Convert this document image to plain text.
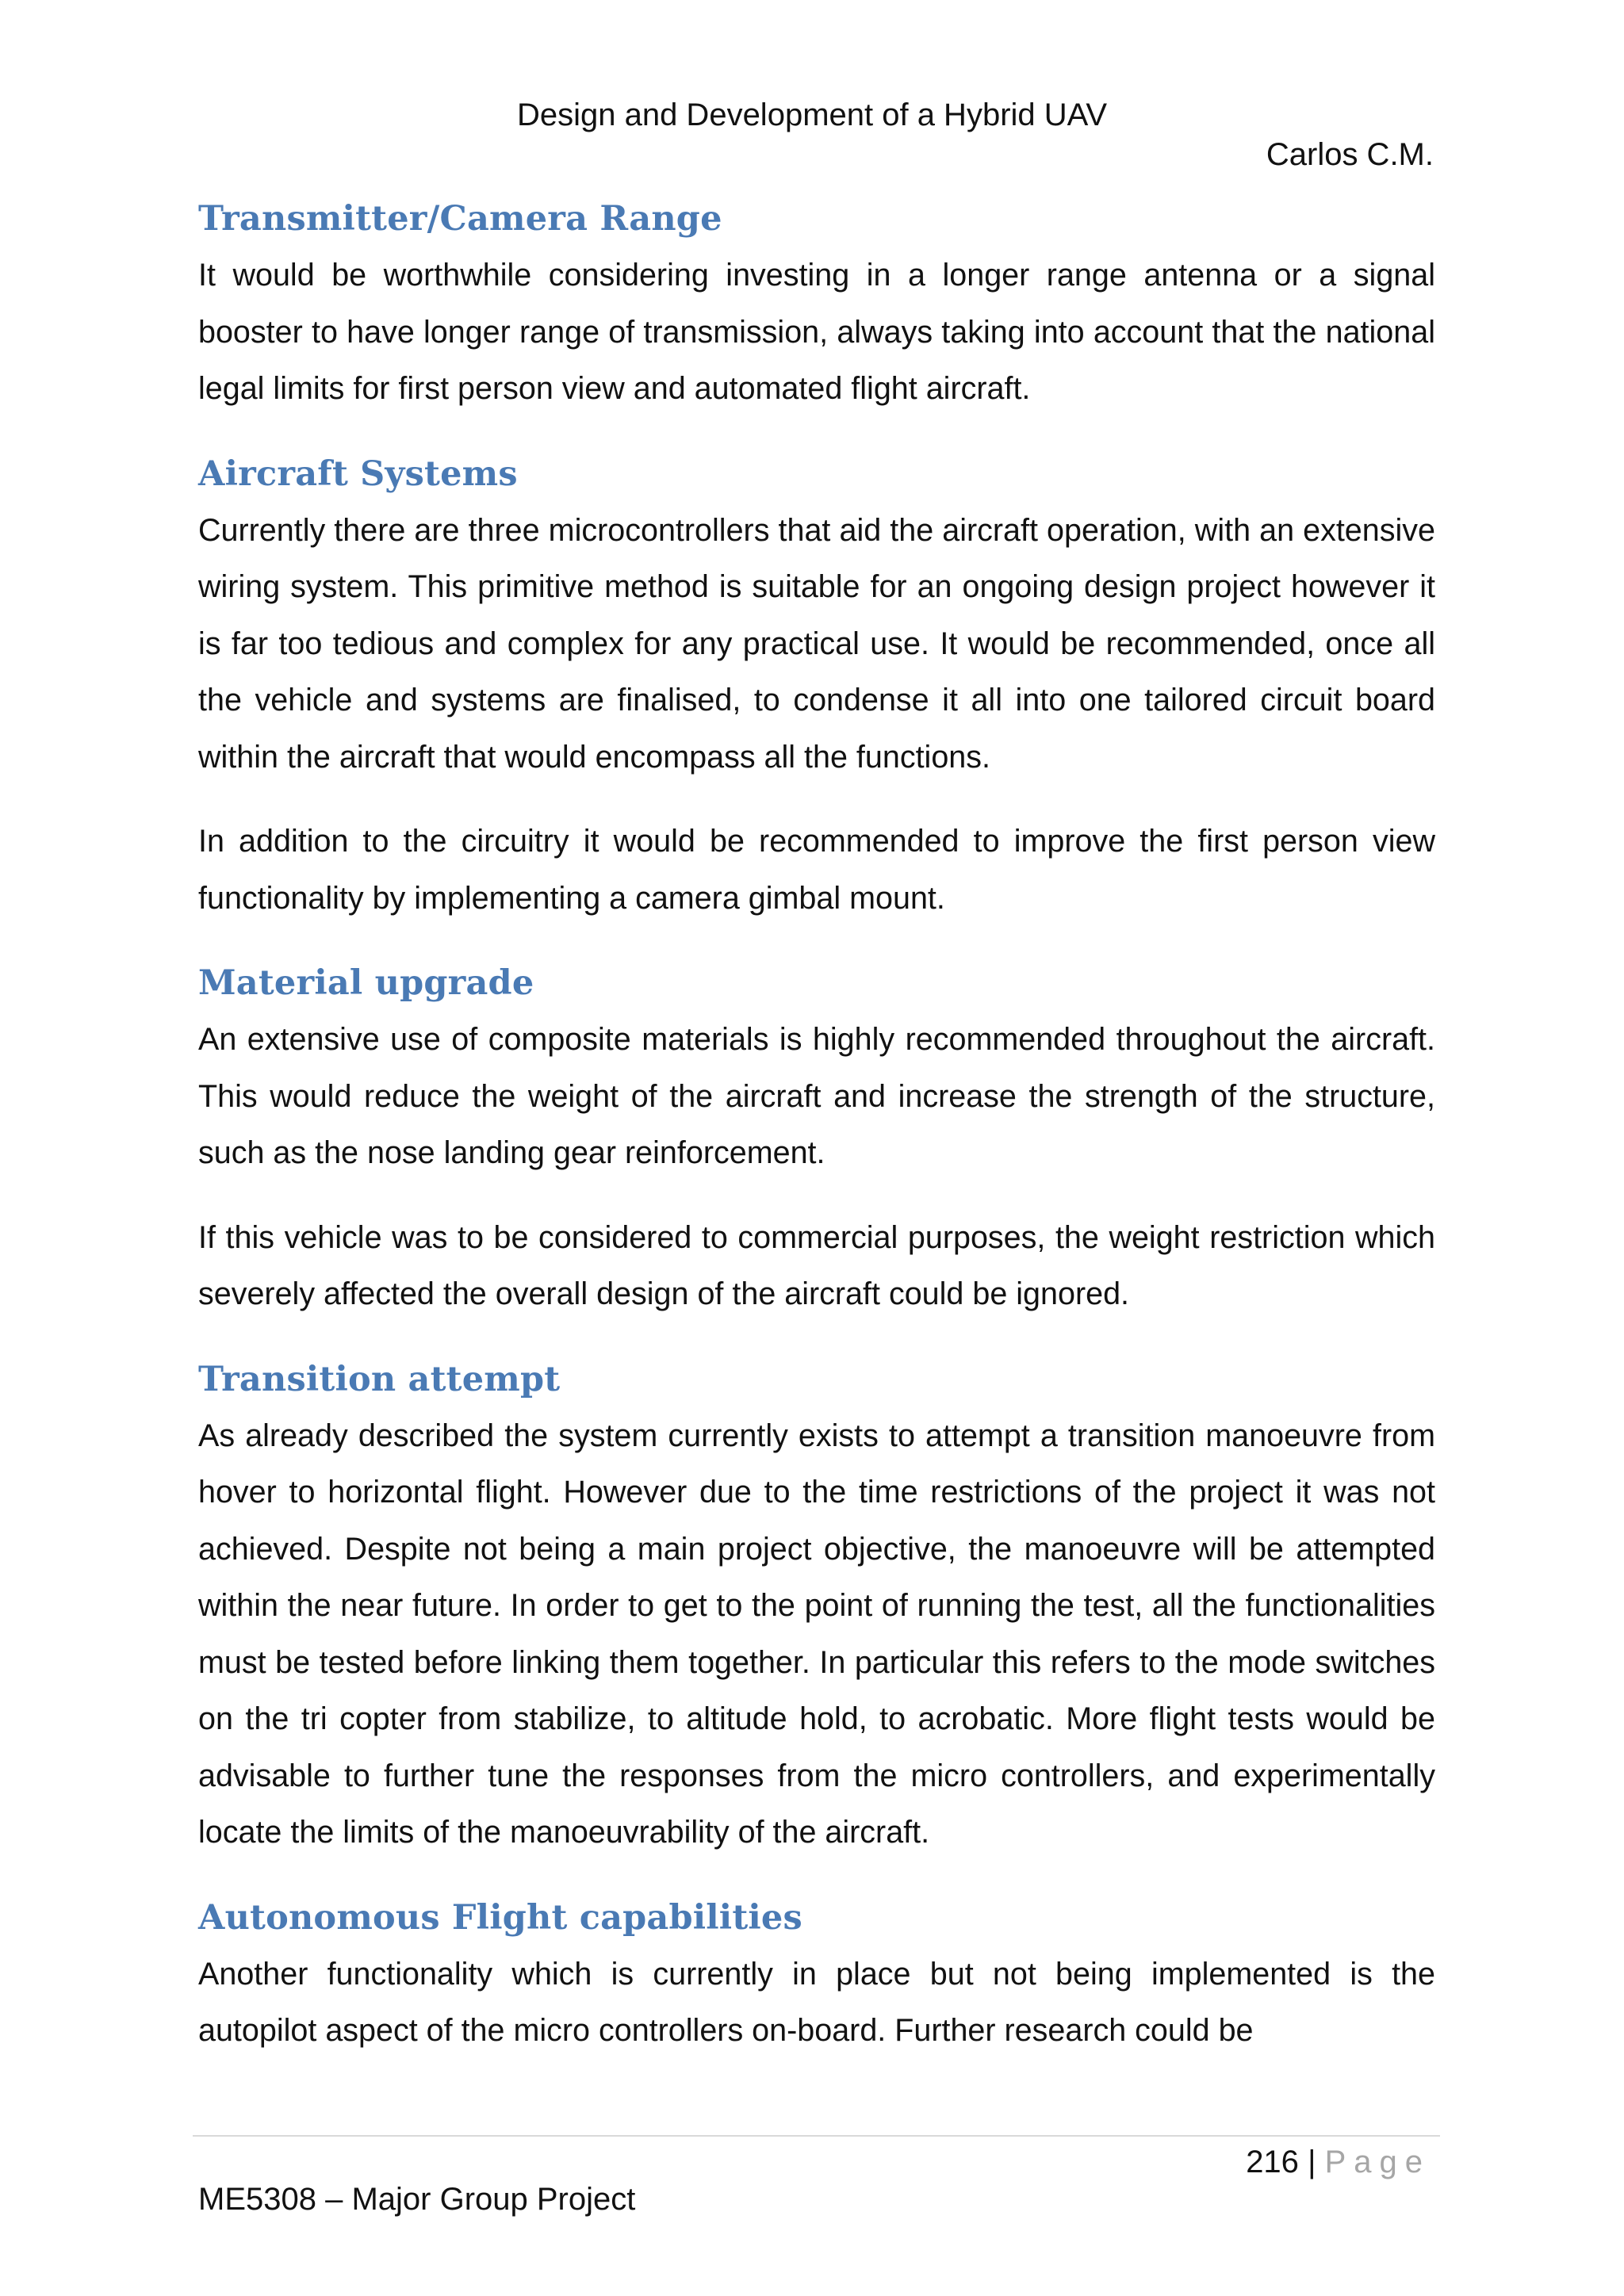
Design and Development of a Hybrid UAV
Carlos C.M.
Transmitter/Camera Range

It would be worthwhile considering investing in a longer range antenna or a signal booster to have longer range of transmission, always taking into account that the national legal limits for first person view and automated flight aircraft.

Aircraft Systems

Currently there are three microcontrollers that aid the aircraft operation, with an extensive wiring system. This primitive method is suitable for an ongoing design project however it is far too tedious and complex for any practical use. It would be recommended, once all the vehicle and systems are finalised, to condense it all into one tailored circuit board within the aircraft that would encompass all the functions.

In addition to the circuitry it would be recommended to improve the first person view functionality by implementing a camera gimbal mount.

Material upgrade

An extensive use of composite materials is highly recommended throughout the aircraft. This would reduce the weight of the aircraft and increase the strength of the structure, such as the nose landing gear reinforcement.

If this vehicle was to be considered to commercial purposes, the weight restriction which severely affected the overall design of the aircraft could be ignored.

Transition attempt

As already described the system currently exists to attempt a transition manoeuvre from hover to horizontal flight. However due to the time restrictions of the project it was not achieved. Despite not being a main project objective, the manoeuvre will be attempted within the near future. In order to get to the point of running the test, all the functionalities must be tested before linking them together. In particular this refers to the mode switches on the tri copter from stabilize, to altitude hold, to acrobatic. More flight tests would be advisable to further tune the responses from the micro controllers, and experimentally locate the limits of the manoeuvrability of the aircraft.

Autonomous Flight capabilities

Another functionality which is currently in place but not being implemented is the autopilot aspect of the micro controllers on-board. Further research could be

216 | Page
ME5308 – Major Group Project
